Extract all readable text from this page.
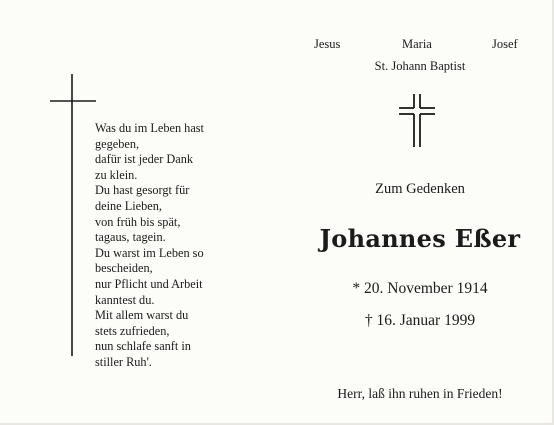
Was du im Leben hast
gegeben,
dafür ist jeder Dank
zu klein.
Du hast gesorgt für
deine Lieben,
von früh bis spät,
tagaus, tagein.
Du warst im Leben so
bescheiden,
nur Pflicht und Arbeit
kanntest du.
Mit allem warst du
stets zufrieden,
nun schlafe sanft in
stiller Ruh'.
Jesus	Maria	Josef
St. Johann Baptist
Zum Gedenken
Johannes Eßer
* 20. November 1914
† 16. Januar 1999
Herr, laß ihn ruhen in Frieden!
